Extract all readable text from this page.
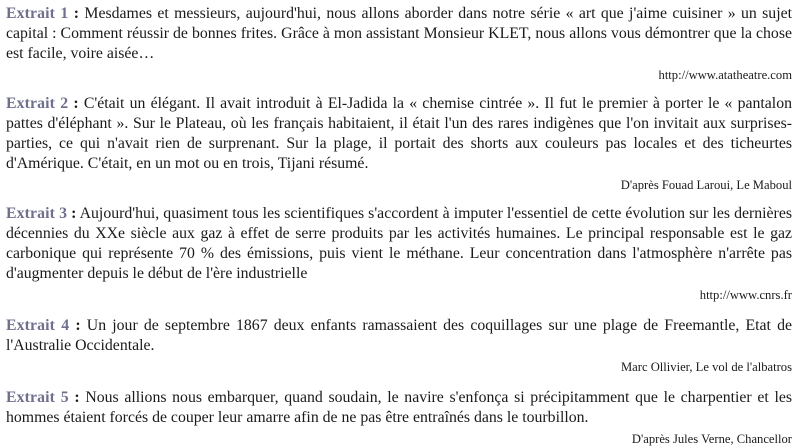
Extrait 1 : Mesdames et messieurs, aujourd'hui, nous allons aborder dans notre série « art que j'aime cuisiner » un sujet capital : Comment réussir de bonnes frites. Grâce à mon assistant Monsieur KLET, nous allons vous démontrer que la chose est facile, voire aisée…

http://www.atatheatre.com

Extrait 2 : C'était un élégant. Il avait introduit à El-Jadida la « chemise cintrée ». Il fut le premier à porter le « pantalon pattes d'éléphant ». Sur le Plateau, où les français habitaient, il était l'un des rares indigènes que l'on invitait aux surprises-parties, ce qui n'avait rien de surprenant. Sur la plage, il portait des shorts aux couleurs pas locales et des ticheurtes d'Amérique. C'était, en un mot ou en trois, Tijani résumé.

D'après Fouad Laroui, Le Maboul

Extrait 3 : Aujourd'hui, quasiment tous les scientifiques s'accordent à imputer l'essentiel de cette évolution sur les dernières décennies du XXe siècle aux gaz à effet de serre produits par les activités humaines. Le principal responsable est le gaz carbonique qui représente 70 % des émissions, puis vient le méthane. Leur concentration dans l'atmosphère n'arrête pas d'augmenter depuis le début de l'ère industrielle

http://www.cnrs.fr

Extrait 4 : Un jour de septembre 1867 deux enfants ramassaient des coquillages sur une plage de Freemantle, Etat de l'Australie Occidentale.

Marc Ollivier, Le vol de l'albatros

Extrait 5 : Nous allions nous embarquer, quand soudain, le navire s'enfonça si précipitamment que le charpentier et les hommes étaient forcés de couper leur amarre afin de ne pas être entraînés dans le tourbillon.

D'après Jules Verne, Chancellor
